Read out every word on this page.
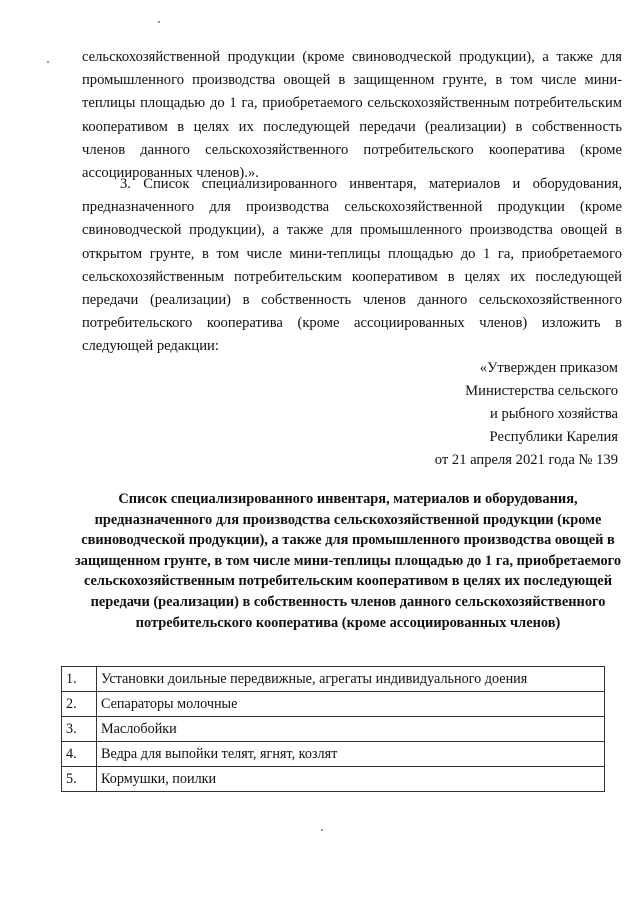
сельскохозяйственной продукции (кроме свиноводческой продукции), а также для промышленного производства овощей в защищенном грунте, в том числе мини-теплицы площадью до 1 га, приобретаемого сельскохозяйственным потребительским кооперативом в целях их последующей передачи (реализации) в собственность членов данного сельскохозяйственного потребительского кооператива (кроме ассоциированных членов).».

3. Список специализированного инвентаря, материалов и оборудования, предназначенного для производства сельскохозяйственной продукции (кроме свиноводческой продукции), а также для промышленного производства овощей в открытом грунте, в том числе мини-теплицы площадью до 1 га, приобретаемого сельскохозяйственным потребительским кооперативом в целях их последующей передачи (реализации) в собственность членов данного сельскохозяйственного потребительского кооператива (кроме ассоциированных членов) изложить в следующей редакции:

«Утвержден приказом
Министерства сельского
и рыбного хозяйства
Республики Карелия
от 21 апреля 2021 года № 139
Список специализированного инвентаря, материалов и оборудования, предназначенного для производства сельскохозяйственной продукции (кроме свиноводческой продукции), а также для промышленного производства овощей в защищенном грунте, в том числе мини-теплицы площадью до 1 га, приобретаемого сельскохозяйственным потребительским кооперативом в целях их последующей передачи (реализации) в собственность членов данного сельскохозяйственного потребительского кооператива (кроме ассоциированных членов)
1.	Установки доильные передвижные, агрегаты индивидуального доения
2.	Сепараторы молочные
3.	Маслобойки
4.	Ведра для выпойки телят, ягнят, козлят
5.	Кормушки, поилки
